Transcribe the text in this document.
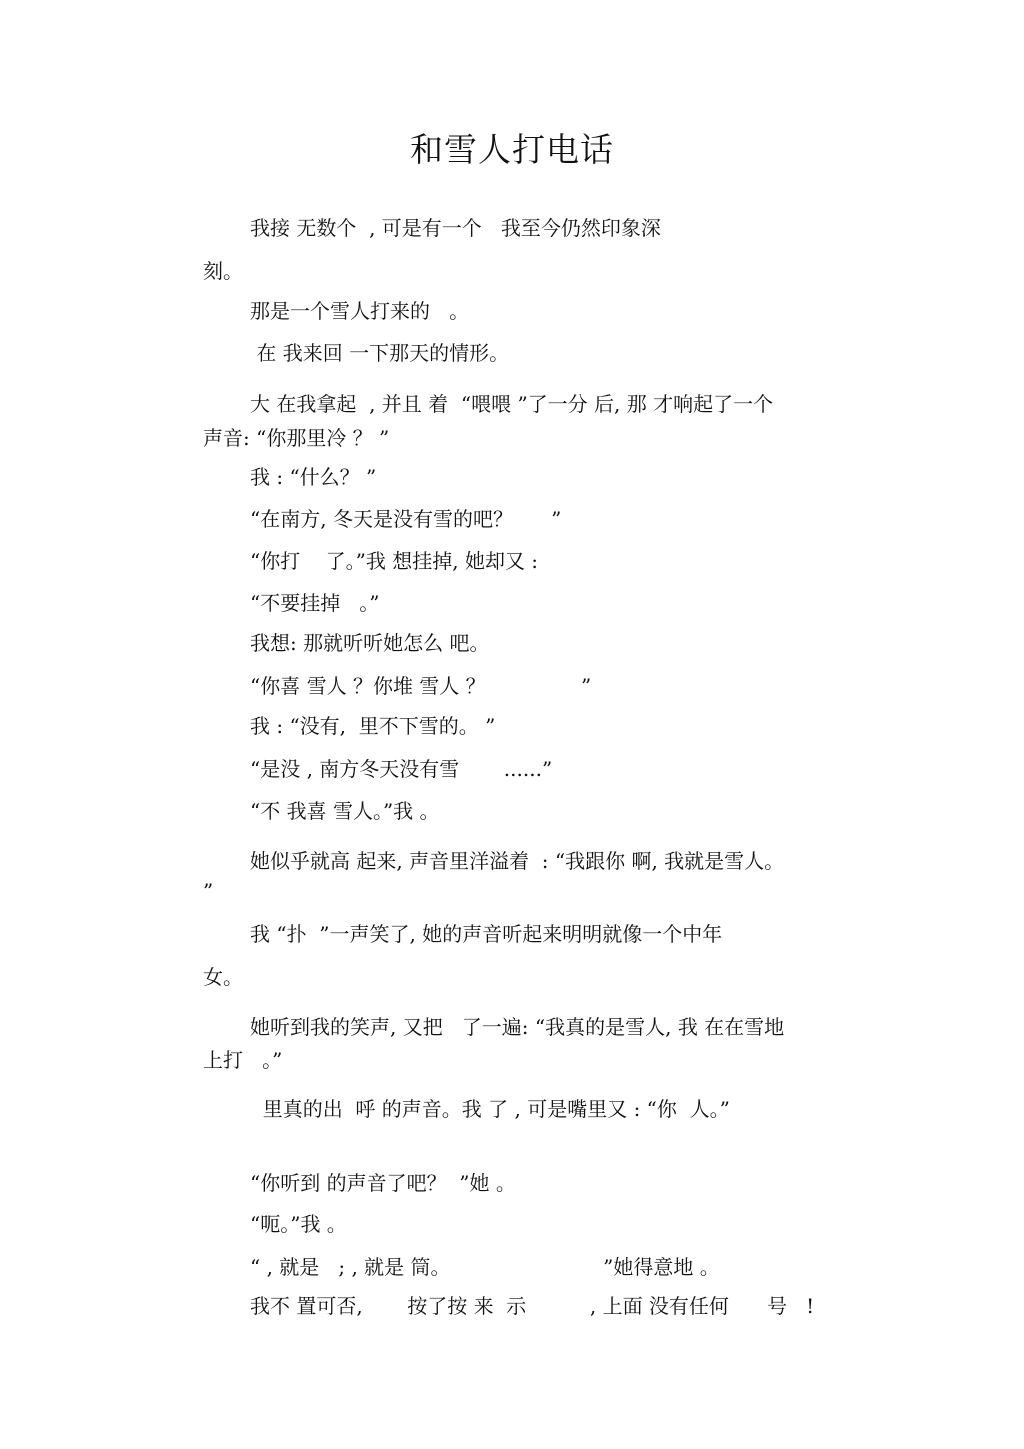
和雪人打电话

我接 无数个  , 可是有一个   我至今仍然印象深

刻。

那是一个雪人打来的   。

在 我来回 一下那天的情形。

大 在我拿起  , 并且 着  “喂喂 ”了一分 后, 那 才响起了一个

声音: “你那里冷 ？ ”

我 : “什么？ ”

“在南方, 冬天是没有雪的吧？      ”

“你打    了。”我 想挂掉, 她却又 :

“不要挂掉   。”

我想: 那就听听她怎么 吧。

“你喜 雪人 ？你堆 雪人 ？               ”

我 : “没有,  里不下雪的。 ”

“是没 , 南方冬天没有雪       ......”

“不 我喜 雪人。”我 。

她似乎就高 起来, 声音里洋溢着  : “我跟你 啊, 我就是雪人。

”

我 “扑  ”一声笑了, 她的声音听起来明明就像一个中年

女。

她听到我的笑声, 又把   了一遍: “我真的是雪人, 我 在在雪地

上打   。”

里真的出  呼 的声音。我 了 , 可是嘴里又 : “你  人。”

“你听到 的声音了吧？  ”她 。

“呃。”我 。

“ , 就是   ; , 就是 筒。                        ”她得意地 。

我不 置可否,       按了按 来  示          , 上面 没有任何      号   !
